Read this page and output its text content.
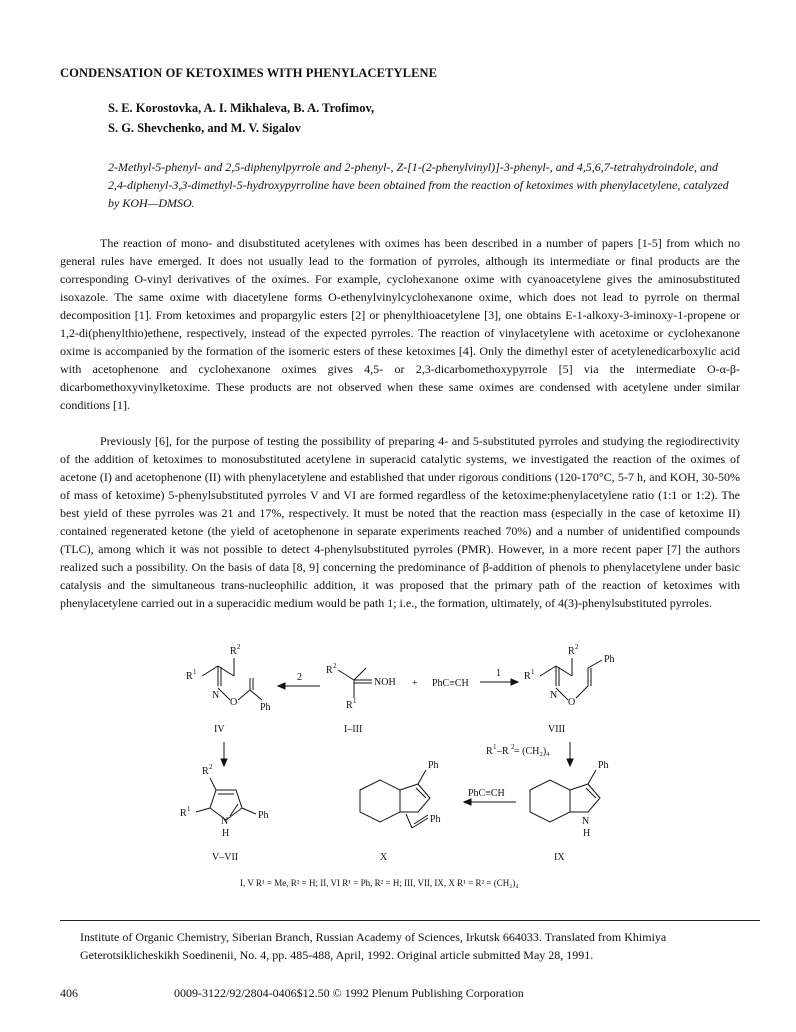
CONDENSATION OF KETOXIMES WITH PHENYLACETYLENE
S. E. Korostovka, A. I. Mikhaleva, B. A. Trofimov,
S. G. Shevchenko, and M. V. Sigalov
2-Methyl-5-phenyl- and 2,5-diphenylpyrrole and 2-phenyl-, Z-[1-(2-phenylvinyl)]-3-phenyl-, and 4,5,6,7-tetrahydroindole, and 2,4-diphenyl-3,3-dimethyl-5-hydroxypyrroline have been obtained from the reaction of ketoximes with phenylacetylene, catalyzed by KOH—DMSO.

The reaction of mono- and disubstituted acetylenes with oximes has been described in a number of papers [1-5] from which no general rules have emerged. It does not usually lead to the formation of pyrroles, although its intermediate or final products are the corresponding O-vinyl derivatives of the oximes. For example, cyclohexanone oxime with cyanoacetylene gives the aminosubstituted isoxazole. The same oxime with diacetylene forms O-ethenylvinylcyclohexanone oxime, which does not lead to pyrrole on thermal decomposition [1]. From ketoximes and propargylic esters [2] or phenylthioacetylene [3], one obtains E-1-alkoxy-3-iminoxy-1-propene or 1,2-di(phenylthio)ethene, respectively, instead of the expected pyrroles. The reaction of vinylacetylene with acetoxime or cyclohexanone oxime is accompanied by the formation of the isomeric esters of these ketoximes [4]. Only the dimethyl ester of acetylenedicarboxylic acid with acetophenone and cyclohexanone oximes gives 4,5- or 2,3-dicarbomethoxypyrrole [5] via the intermediate O-α-β-dicarbomethoxyvinylketoxime. These products are not observed when these same oximes are condensed with acetylene under similar conditions [1].

Previously [6], for the purpose of testing the possibility of preparing 4- and 5-substituted pyrroles and studying the regiodirectivity of the addition of ketoximes to monosubstituted acetylene in superacid catalytic systems, we investigated the reaction of the oximes of acetone (I) and acetophenone (II) with phenylacetylene and established that under rigorous conditions (120-170°C, 5-7 h, and KOH, 30-50% of mass of ketoxime) 5-phenylsubstituted pyrroles V and VI are formed regardless of the ketoxime:phenylacetylene ratio (1:1 or 1:2). The best yield of these pyrroles was 21 and 17%, respectively. It must be noted that the reaction mass (especially in the case of ketoxime II) contained regenerated ketone (the yield of acetophenone in separate experiments reached 70%) and a number of unidentified compounds (TLC), among which it was not possible to detect 4-phenylsubstituted pyrroles (PMR). However, in a more recent paper [7] the authors realized such a possibility. On the basis of data [8, 9] concerning the predominance of β-addition of phenols to phenylacetylene under basic catalysis and the simultaneous trans-nucleophilic addition, it was proposed that the primary path of the reaction of ketoximes with phenylacetylene carried out in a superacidic medium would be path 1; i.e., the formation, ultimately, of 4(3)-phenylsubstituted pyrroles.

R 1
R 2
N
O Ph
IV
2
R 2
NOH
R 1
I–III
+ PhC≡CH
1 R 1
R 2
Ph
N
O
VIII
R 1 –R 2 = (CH₂)₄
R 2
R 1
Ph
N
H
V–VII
Ph
Ph
X
PhC≡CH
Ph
N
H
IX
I, V R¹ = Me, R² = H; II, VI R¹ = Ph, R² = H; III, VII, IX, X R¹ = R² = (CH₂)₄
Institute of Organic Chemistry, Siberian Branch, Russian Academy of Sciences, Irkutsk 664033. Translated from Khimiya Geterotsiklicheskikh Soedinenii, No. 4, pp. 485-488, April, 1992. Original article submitted May 28, 1991.
406	0009-3122/92/2804-0406$12.50 © 1992 Plenum Publishing Corporation
